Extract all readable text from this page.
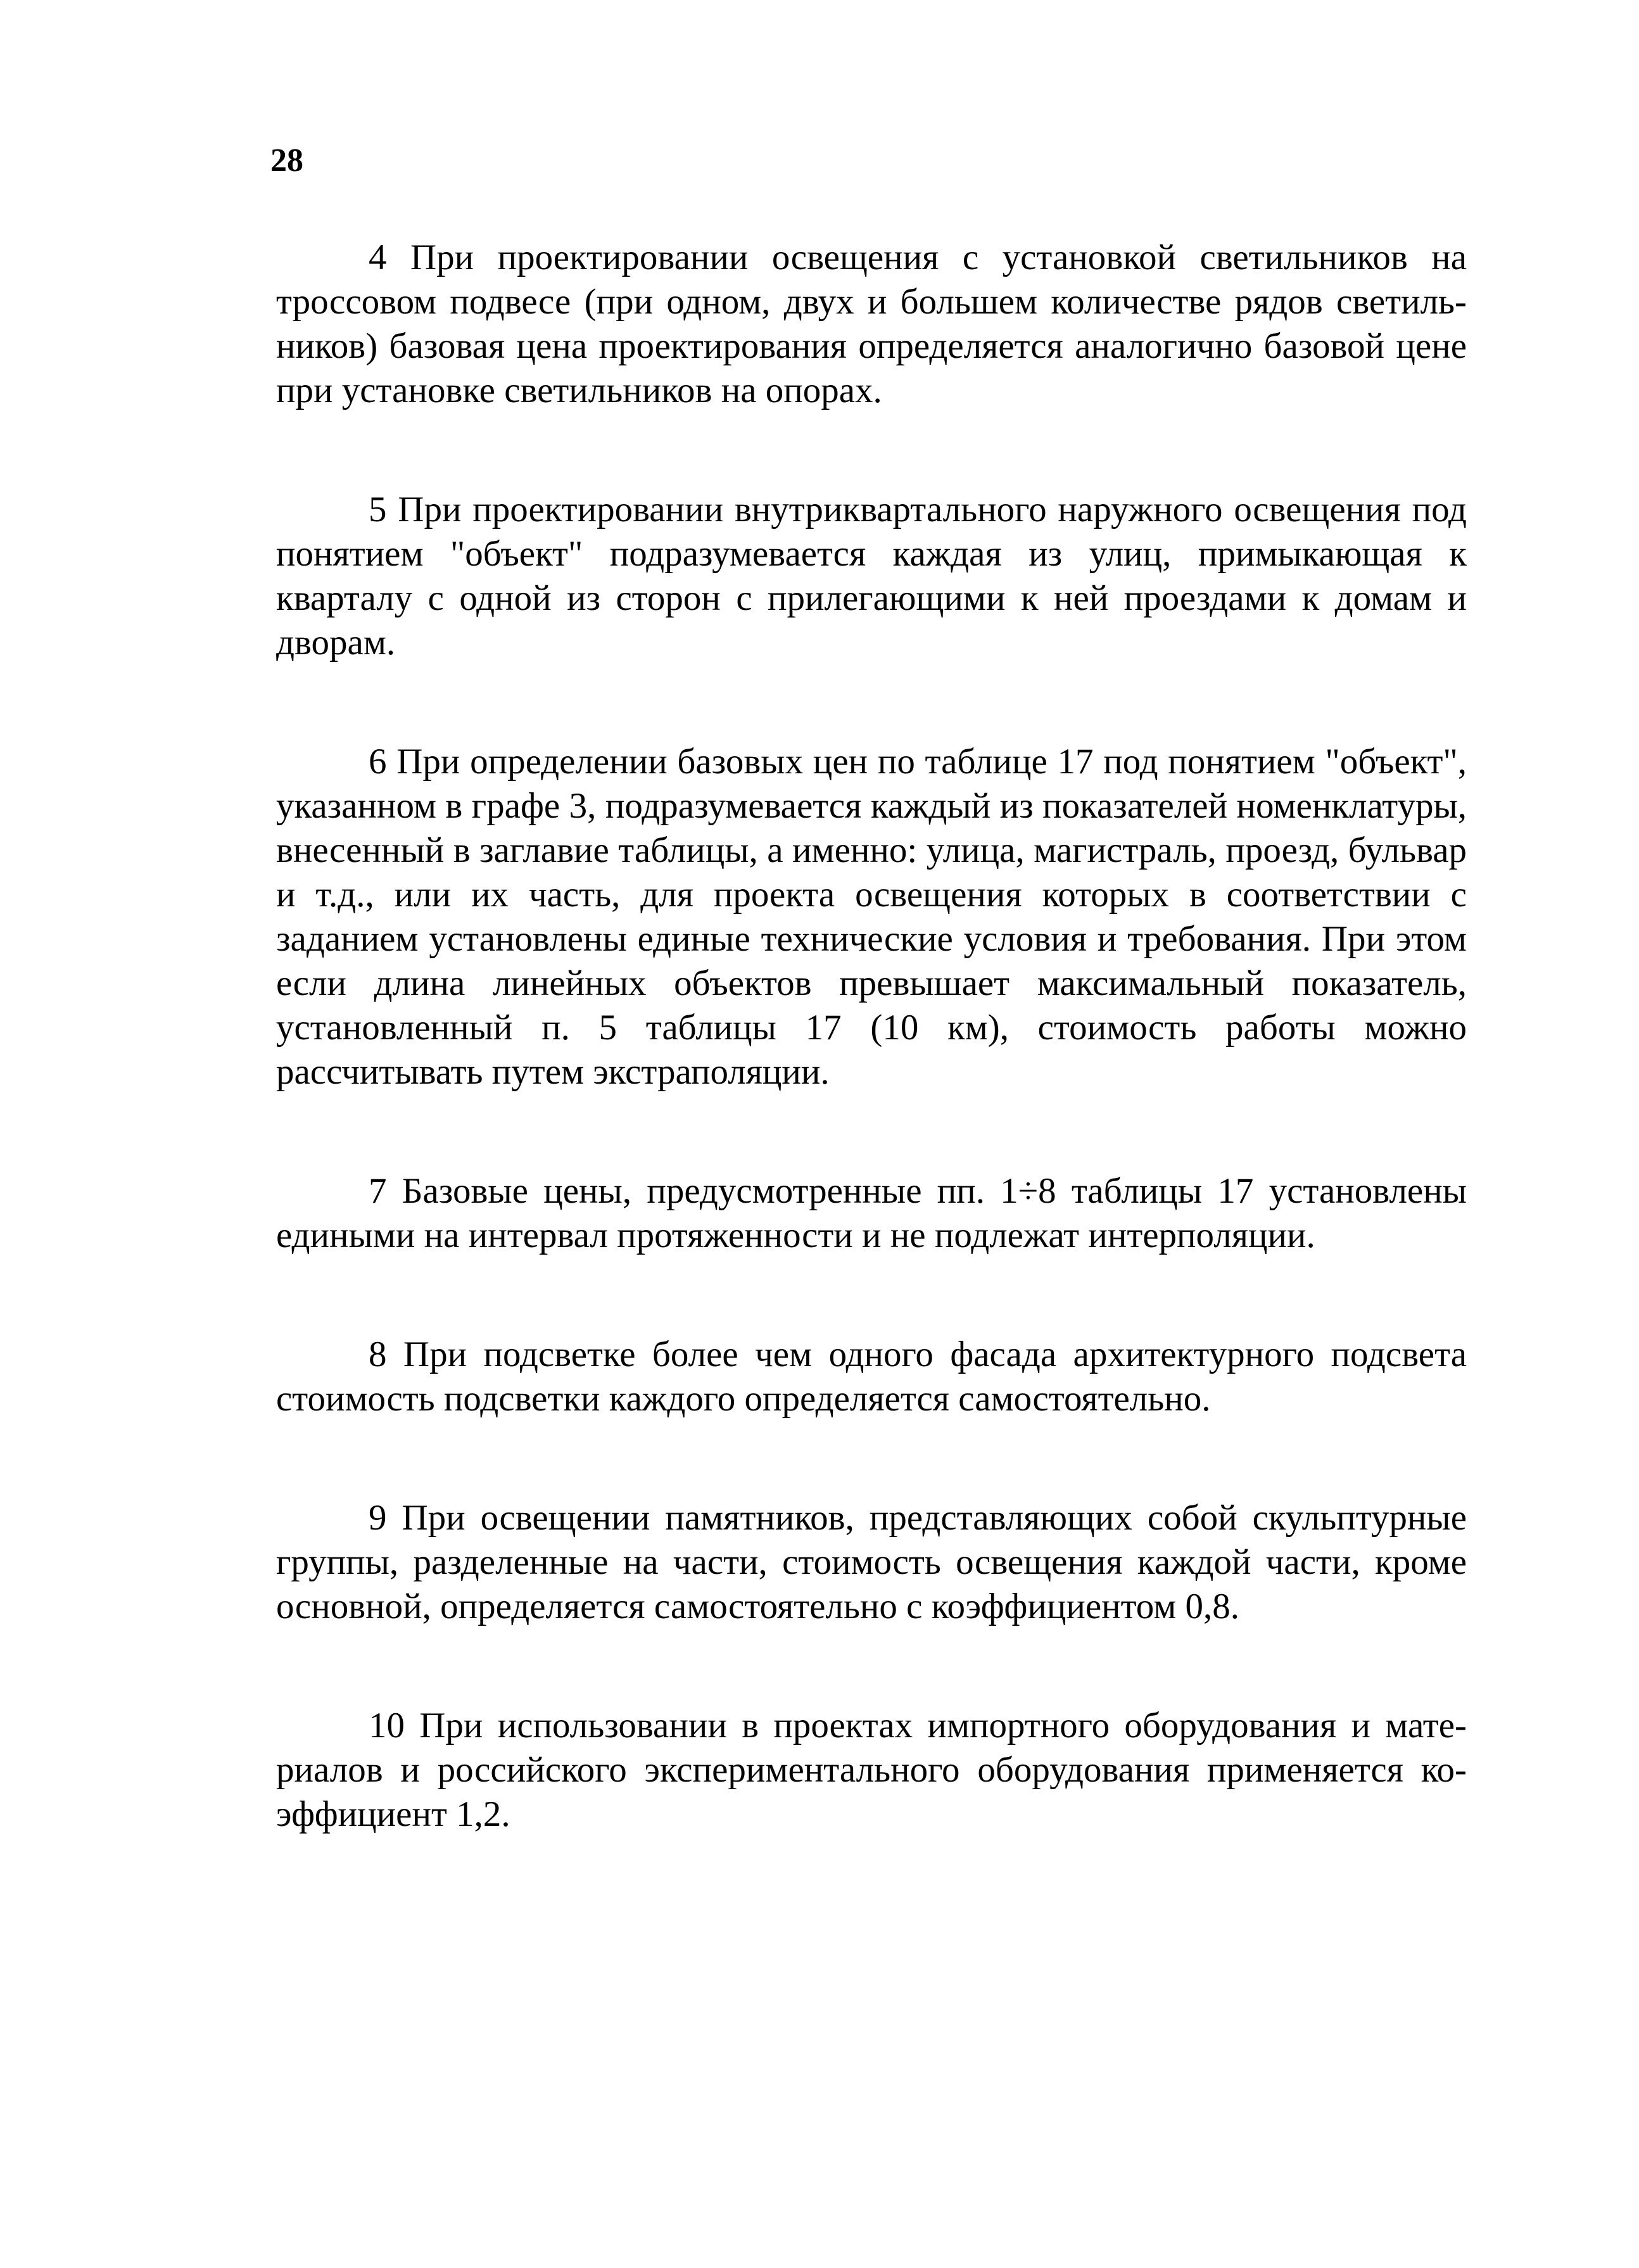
28

4 При проектировании освещения с установкой светильников на троссовом подвесе (при одном, двух и большем количестве рядов светильников) базовая цена проектирования определяется аналогично базовой цене при установке светильников на опорах.

5 При проектировании внутриквартального наружного освещения под понятием "объект" подразумевается каждая из улиц, примыкающая к кварталу с одной из сторон с прилегающими к ней проездами к домам и дворам.

6 При определении базовых цен по таблице 17 под понятием "объект", указанном в графе 3, подразумевается каждый из показателей номенклатуры, внесенный в заглавие таблицы, а именно: улица, магистраль, проезд, бульвар и т.д., или их часть, для проекта освещения которых в соответствии с заданием установлены единые технические условия и требования. При этом если длина линейных объектов превышает максимальный показатель, установленный п. 5 таблицы 17 (10 км), стоимость работы можно рассчитывать путем экстраполяции.

7 Базовые цены, предусмотренные пп. 1÷8 таблицы 17 установлены едиными на интервал протяженности и не подлежат интерполяции.

8 При подсветке более чем одного фасада архитектурного подсвета стоимость подсветки каждого определяется самостоятельно.

9 При освещении памятников, представляющих собой скульптурные группы, разделенные на части, стоимость освещения каждой части, кроме основной, определяется самостоятельно с коэффициентом 0,8.

10 При использовании в проектах импортного оборудования и материалов и российского экспериментального оборудования применяется коэффициент 1,2.
